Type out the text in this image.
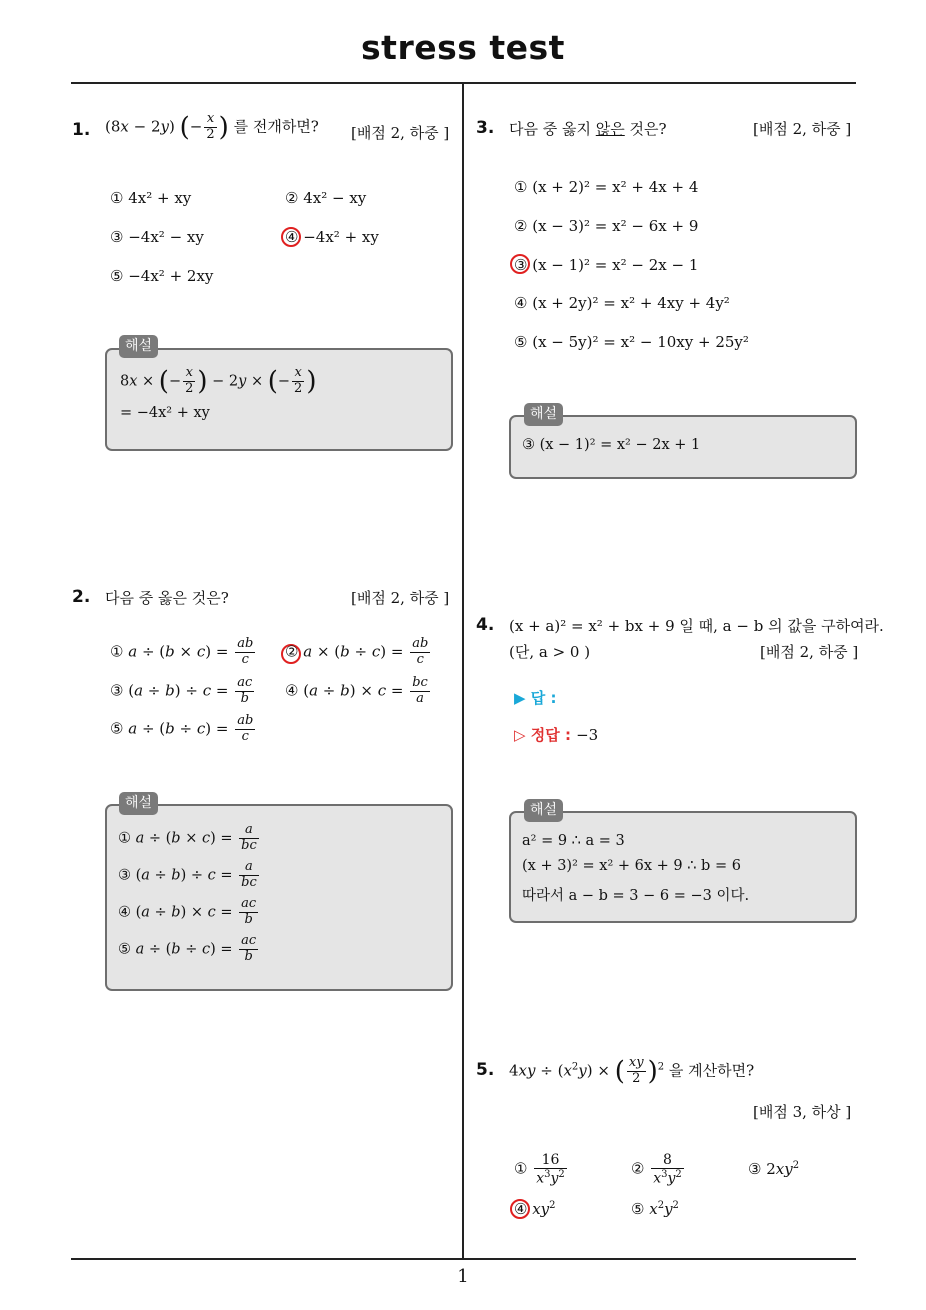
stress test
1. (8x − 2y) (− $\frac{x}{2}$ ) 를 전개하면? [배점 2, 하중 ]
① 4x² + xy	② 4x² − xy
③ −4x² − xy	④ −4x² + xy
⑤ −4x² + 2xy
해설
8x × (− $\frac{x}{2}$ ) − 2y × (− $\frac{x}{2}$ )
= −4x² + xy
2. 다음 중 옳은 것은?	[배점 2, 하중 ]
① $a \div (b \times c) = \frac{ab}{c}$ ② $a \times (b \div c) = \frac{ab}{c}$
③ $(a \div b) \div c = \frac{ac}{b}$ ④ $(a \div b) \times c = \frac{bc}{a}$
⑤ $a \div (b \div c) = \frac{ab}{c}$
해설
① $a \div (b \times c) = \frac{a}{bc}$
③ $(a \div b) \div c = \frac{a}{bc}$
④ $(a \div b) \times c = \frac{ac}{b}$
⑤ $a \div (b \div c) = \frac{ac}{b}$
3. 다음 중 옳지 않은 것은?	[배점 2, 하중 ]
① (x + 2)² = x² + 4x + 4
② (x − 3)² = x² − 6x + 9
③ (x − 1)² = x² − 2x − 1
④ (x + 2y)² = x² + 4xy + 4y²
⑤ (x − 5y)² = x² − 10xy + 25y²
해설
③ (x − 1)² = x² − 2x + 1
4. (x + a)² = x² + bx + 9 일 때, a − b 의 값을 구하여라.
(단, a > 0 )	[배점 2, 하중 ]
▶ 답 :
▷ 정답 : −3
해설
a² = 9 ∴ a = 3
(x + 3)² = x² + 6x + 9 ∴ b = 6
따라서 a − b = 3 − 6 = −3 이다.
5. $4xy \div (x^2y)$ × ( $\frac{xy}{2} )^2$ 을 계산하면?
[배점 3, 하상 ]
① $\frac{16}{x^3y^2}$	② $\frac{8}{x^3y^2}$	③ $2xy^2$
④ $xy^2$	⑤ $x^2y^2$
1
